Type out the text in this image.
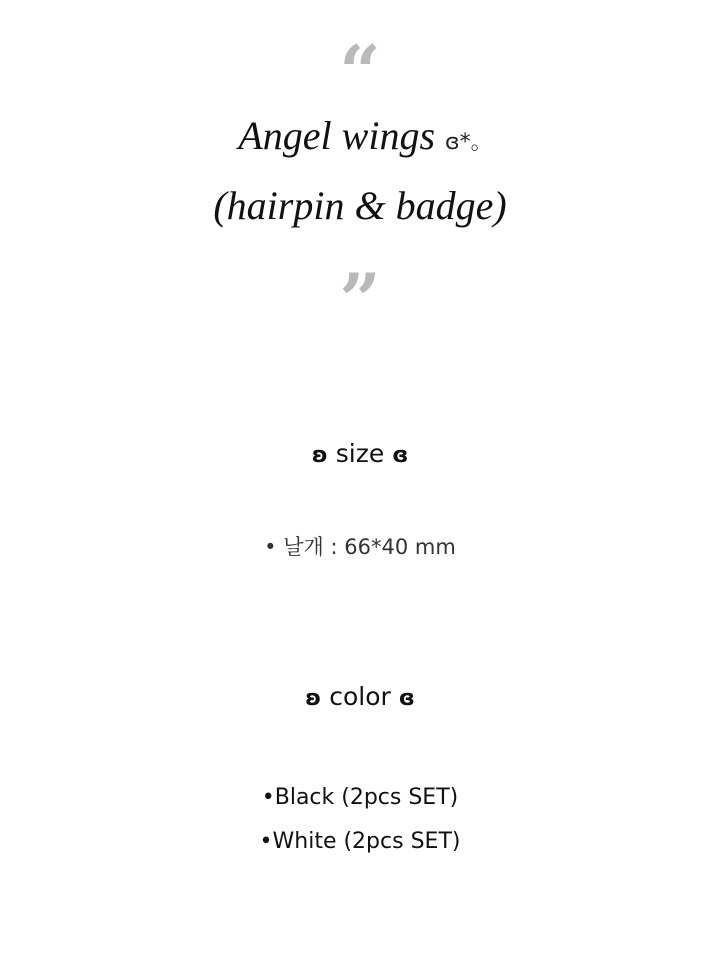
“
Angel wings ɞ*｡
(hairpin & badge)
”
ʚ size ɞ
• 날개 : 66*40 mm
ʚ color ɞ
•Black (2pcs SET)
•White (2pcs SET)
